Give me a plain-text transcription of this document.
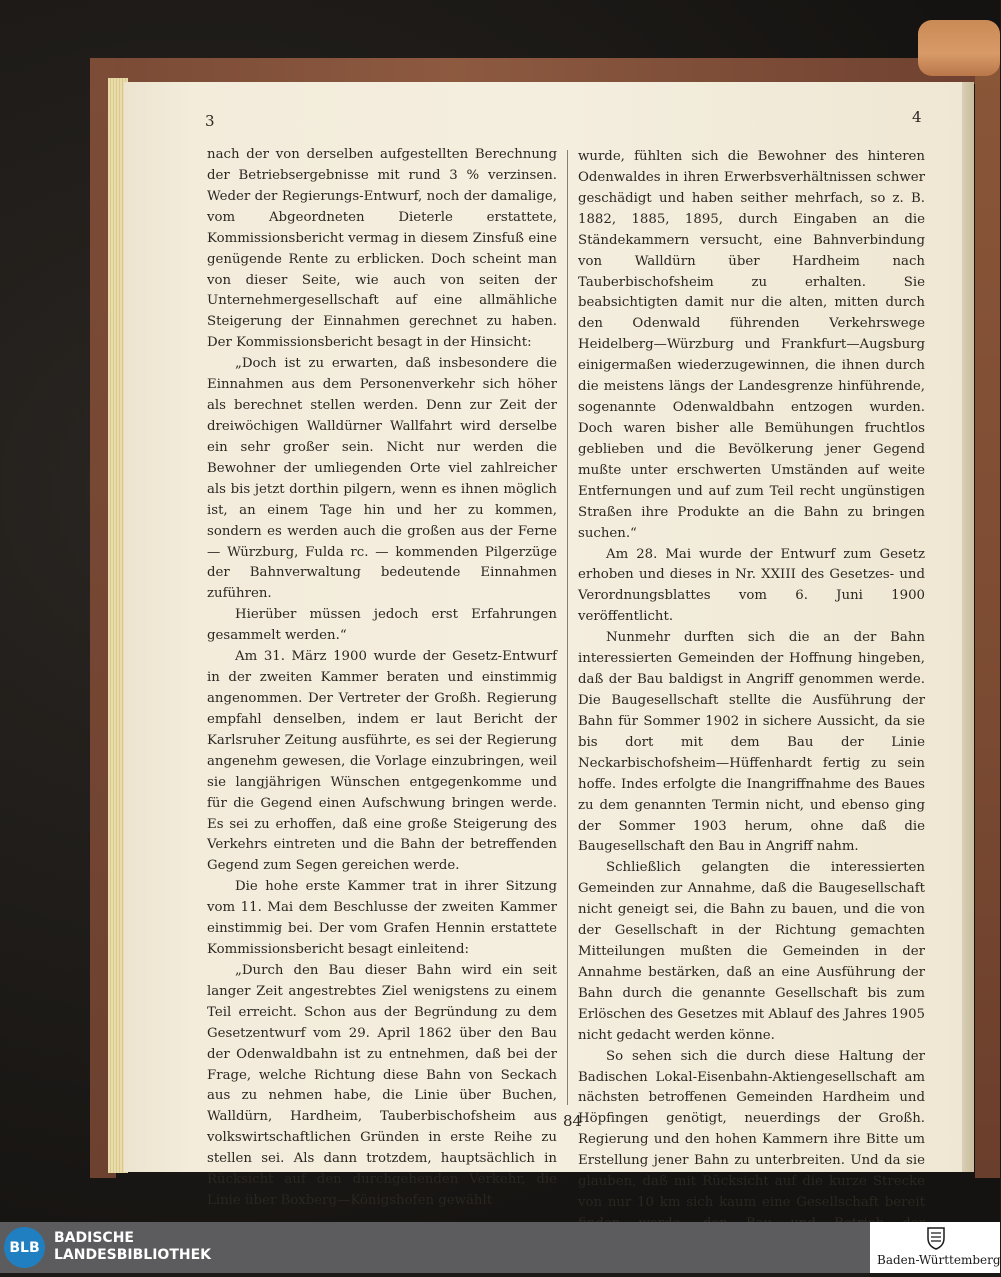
3	4

nach der von derselben aufgestellten Berechnung der Betriebsergebnisse mit rund 3 % verzinsen. Weder der Regierungs-Entwurf, noch der damalige, vom Abgeordneten Dieterle erstattete, Kommissionsbericht vermag in diesem Zinsfuß eine genügende Rente zu erblicken. Doch scheint man von dieser Seite, wie auch von seiten der Unternehmergesellschaft auf eine allmähliche Steigerung der Einnahmen gerechnet zu haben. Der Kommissionsbericht besagt in der Hinsicht:

„Doch ist zu erwarten, daß insbesondere die Einnahmen aus dem Personenverkehr sich höher als berechnet stellen werden. Denn zur Zeit der dreiwöchigen Walldürner Wallfahrt wird derselbe ein sehr großer sein. Nicht nur werden die Bewohner der umliegenden Orte viel zahlreicher als bis jetzt dorthin pilgern, wenn es ihnen möglich ist, an einem Tage hin und her zu kommen, sondern es werden auch die großen aus der Ferne — Würzburg, Fulda rc. — kommenden Pilgerzüge der Bahnverwaltung bedeutende Einnahmen zuführen.

Hierüber müssen jedoch erst Erfahrungen gesammelt werden.“

Am 31. März 1900 wurde der Gesetz-Entwurf in der zweiten Kammer beraten und einstimmig angenommen. Der Vertreter der Großh. Regierung empfahl denselben, indem er laut Bericht der Karlsruher Zeitung ausführte, es sei der Regierung angenehm gewesen, die Vorlage einzubringen, weil sie langjährigen Wünschen entgegenkomme und für die Gegend einen Aufschwung bringen werde. Es sei zu erhoffen, daß eine große Steigerung des Verkehrs eintreten und die Bahn der betreffenden Gegend zum Segen gereichen werde.

Die hohe erste Kammer trat in ihrer Sitzung vom 11. Mai dem Beschlusse der zweiten Kammer einstimmig bei. Der vom Grafen Hennin erstattete Kommissionsbericht besagt einleitend:

„Durch den Bau dieser Bahn wird ein seit langer Zeit angestrebtes Ziel wenigstens zu einem Teil erreicht. Schon aus der Begründung zu dem Gesetzentwurf vom 29. April 1862 über den Bau der Odenwaldbahn ist zu entnehmen, daß bei der Frage, welche Richtung diese Bahn von Seckach aus zu nehmen habe, die Linie über Buchen, Walldürn, Hardheim, Tauberbischofsheim aus volkswirtschaftlichen Gründen in erste Reihe zu stellen sei. Als dann trotzdem, hauptsächlich in Rücksicht auf den durchgehenden Verkehr, die Linie über Boxberg—Königshofen gewählt

wurde, fühlten sich die Bewohner des hinteren Odenwaldes in ihren Erwerbsverhältnissen schwer geschädigt und haben seither mehrfach, so z. B. 1882, 1885, 1895, durch Eingaben an die Ständekammern versucht, eine Bahnverbindung von Walldürn über Hardheim nach Tauberbischofsheim zu erhalten. Sie beabsichtigten damit nur die alten, mitten durch den Odenwald führenden Verkehrswege Heidelberg—Würzburg und Frankfurt—Augsburg einigermaßen wiederzugewinnen, die ihnen durch die meistens längs der Landesgrenze hinführende, sogenannte Odenwaldbahn entzogen wurden. Doch waren bisher alle Bemühungen fruchtlos geblieben und die Bevölkerung jener Gegend mußte unter erschwerten Umständen auf weite Entfernungen und auf zum Teil recht ungünstigen Straßen ihre Produkte an die Bahn zu bringen suchen.“

Am 28. Mai wurde der Entwurf zum Gesetz erhoben und dieses in Nr. XXIII des Gesetzes- und Verordnungsblattes vom 6. Juni 1900 veröffentlicht.

Nunmehr durften sich die an der Bahn interessierten Gemeinden der Hoffnung hingeben, daß der Bau baldigst in Angriff genommen werde. Die Baugesellschaft stellte die Ausführung der Bahn für Sommer 1902 in sichere Aussicht, da sie bis dort mit dem Bau der Linie Neckarbischofsheim—Hüffenhardt fertig zu sein hoffe. Indes erfolgte die Inangriffnahme des Baues zu dem genannten Termin nicht, und ebenso ging der Sommer 1903 herum, ohne daß die Baugesellschaft den Bau in Angriff nahm.

Schließlich gelangten die interessierten Gemeinden zur Annahme, daß die Baugesellschaft nicht geneigt sei, die Bahn zu bauen, und die von der Gesellschaft in der Richtung gemachten Mitteilungen mußten die Gemeinden in der Annahme bestärken, daß an eine Ausführung der Bahn durch die genannte Gesellschaft bis zum Erlöschen des Gesetzes mit Ablauf des Jahres 1905 nicht gedacht werden könne.

So sehen sich die durch diese Haltung der Badischen Lokal-Eisenbahn-Aktiengesellschaft am nächsten betroffenen Gemeinden Hardheim und Höpfingen genötigt, neuerdings der Großh. Regierung und den hohen Kammern ihre Bitte um Erstellung jener Bahn zu unterbreiten. Und da sie glauben, daß mit Rücksicht auf die kurze Strecke von nur 10 km sich kaum eine Gesellschaft bereit

84
BLB
BADISCHE
LANDESBIBLIOTHEK	Baden-Württemberg
